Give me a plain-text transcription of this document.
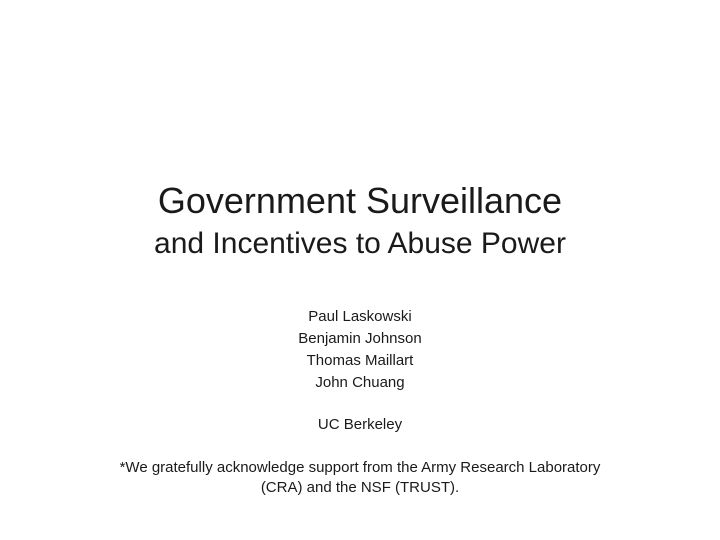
Government Surveillance
and Incentives to Abuse Power
Paul Laskowski
Benjamin Johnson
Thomas Maillart
John Chuang
UC Berkeley
*We gratefully acknowledge support from the Army Research Laboratory (CRA) and the NSF (TRUST).
